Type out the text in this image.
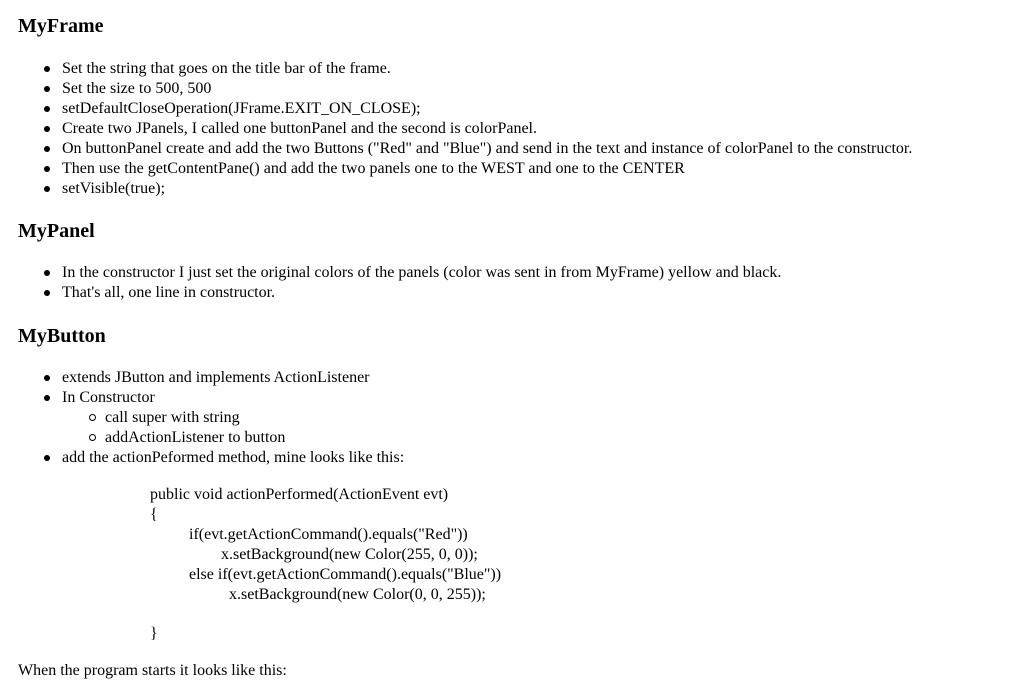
MyFrame
Set the string that goes on the title bar of the frame.
Set the size to 500, 500
setDefaultCloseOperation(JFrame.EXIT_ON_CLOSE);
Create two JPanels, I called one buttonPanel and the second is colorPanel.
On buttonPanel create and add the two Buttons ("Red" and "Blue") and send in the text and instance of colorPanel to the constructor.
Then use the getContentPane() and add the two panels one to the WEST and one to the CENTER
setVisible(true);
MyPanel
In the constructor I just set the original colors of the panels (color was sent in from MyFrame) yellow and black.
That's all, one line in constructor.
MyButton
extends JButton and implements ActionListener
In Constructor
call super with string
addActionListener to button
add the actionPeformed method, mine looks like this:
public void actionPerformed(ActionEvent evt)
{
if(evt.getActionCommand().equals("Red"))
x.setBackground(new Color(255, 0, 0));
else if(evt.getActionCommand().equals("Blue"))
x.setBackground(new Color(0, 0, 255));
}

When the program starts it looks like this:
